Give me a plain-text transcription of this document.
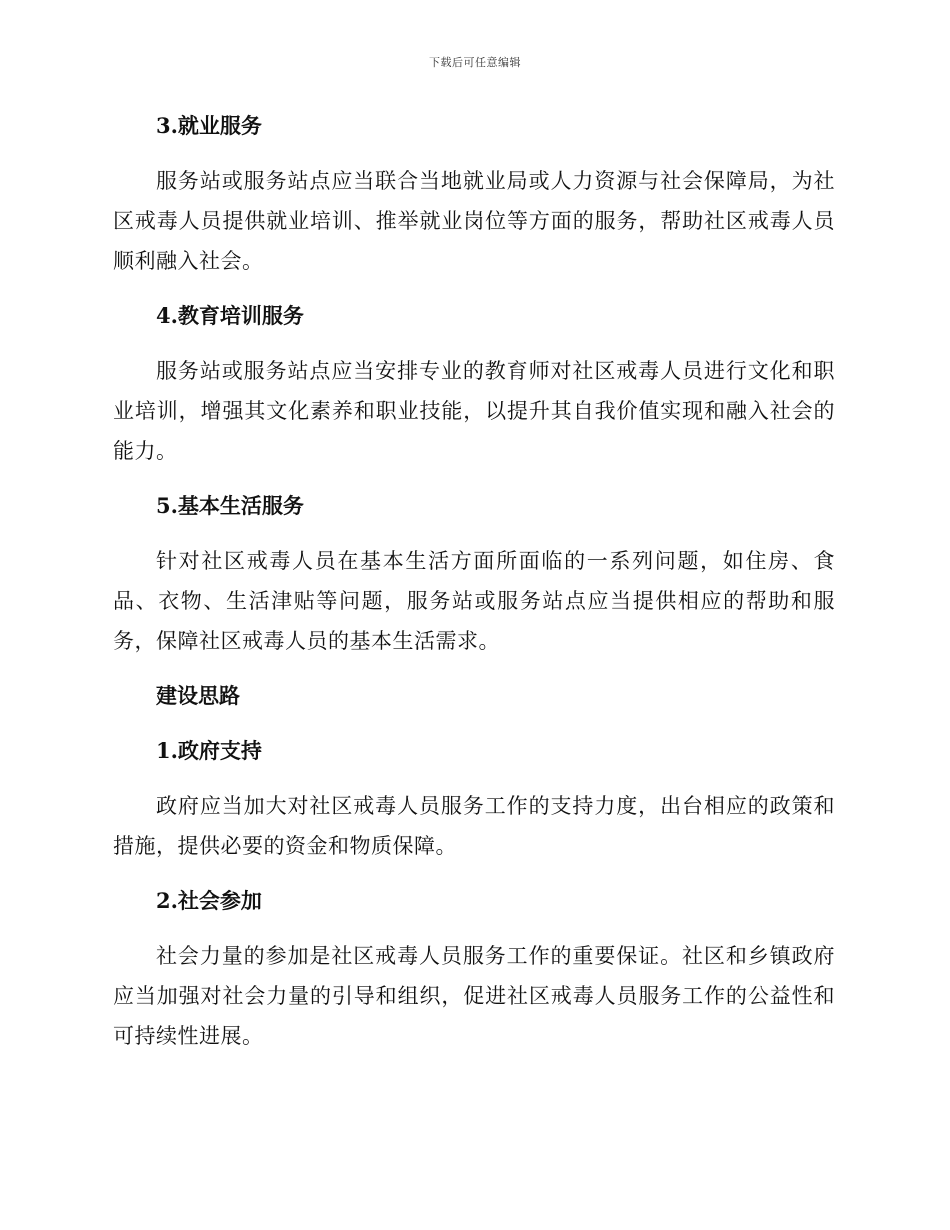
下载后可任意编辑

3.就业服务

服务站或服务站点应当联合当地就业局或人力资源与社会保障局，为社区戒毒人员提供就业培训、推举就业岗位等方面的服务，帮助社区戒毒人员顺利融入社会。

4.教育培训服务

服务站或服务站点应当安排专业的教育师对社区戒毒人员进行文化和职业培训，增强其文化素养和职业技能，以提升其自我价值实现和融入社会的能力。

5.基本生活服务

针对社区戒毒人员在基本生活方面所面临的一系列问题，如住房、食品、衣物、生活津贴等问题，服务站或服务站点应当提供相应的帮助和服务，保障社区戒毒人员的基本生活需求。

建设思路

1.政府支持

政府应当加大对社区戒毒人员服务工作的支持力度，出台相应的政策和措施，提供必要的资金和物质保障。

2.社会参加

社会力量的参加是社区戒毒人员服务工作的重要保证。社区和乡镇政府应当加强对社会力量的引导和组织，促进社区戒毒人员服务工作的公益性和可持续性进展。
